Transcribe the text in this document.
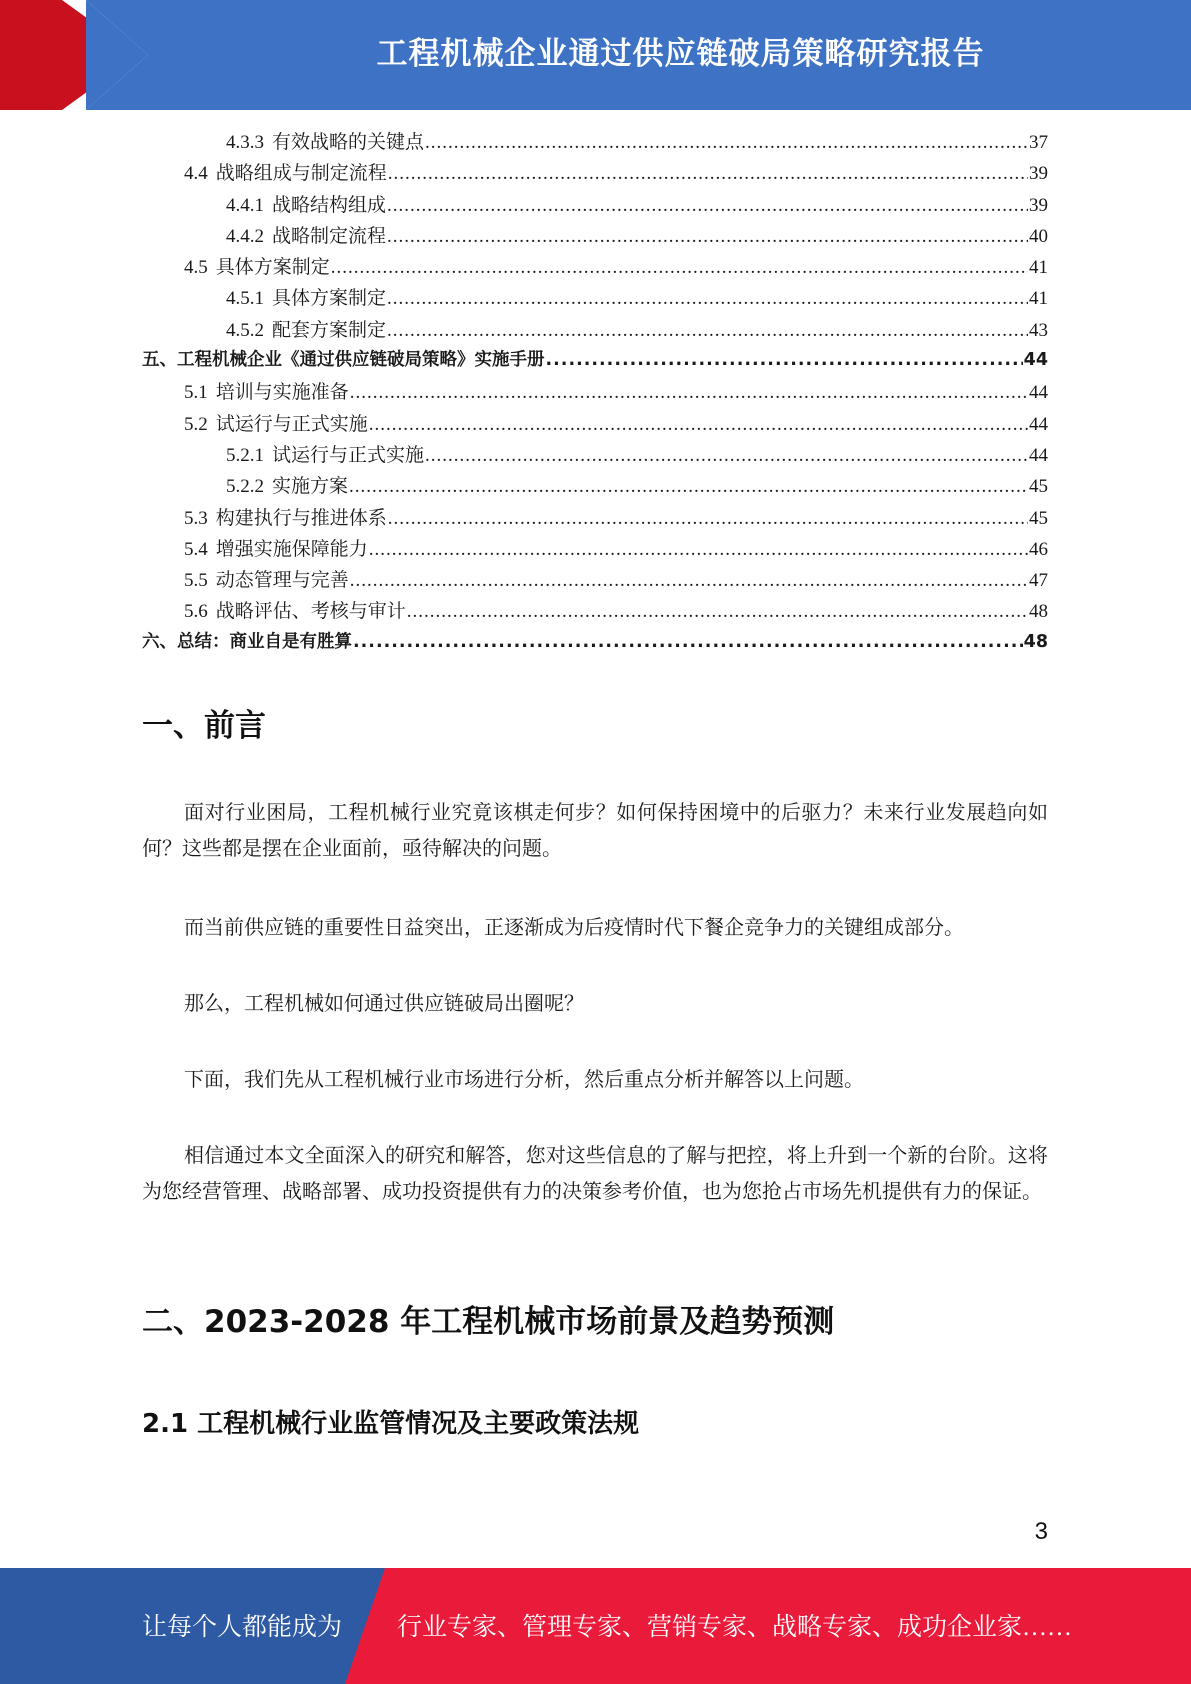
工程机械企业通过供应链破局策略研究报告
4.3.3 有效战略的关键点 .....	37
4.4 战略组成与制定流程 .....	39
4.4.1 战略结构组成 .....	39
4.4.2 战略制定流程 .....	40
4.5 具体方案制定 .....	41
4.5.1 具体方案制定 .....	41
4.5.2 配套方案制定 .....	43
五、工程机械企业《通过供应链破局策略》实施手册 .....	44
5.1 培训与实施准备 .....	44
5.2 试运行与正式实施 .....	44
5.2.1 试运行与正式实施 .....	44
5.2.2 实施方案 .....	45
5.3 构建执行与推进体系 .....	45
5.4 增强实施保障能力 .....	46
5.5 动态管理与完善 .....	47
5.6 战略评估、考核与审计 .....	48
六、总结：商业自是有胜算 .....	48
一、前言
面对行业困局，工程机械行业究竟该棋走何步？如何保持困境中的后驱力？未来行业发展趋向如何？这些都是摆在企业面前，亟待解决的问题。
而当前供应链的重要性日益突出，正逐渐成为后疫情时代下餐企竞争力的关键组成部分。
那么，工程机械如何通过供应链破局出圈呢？
下面，我们先从工程机械行业市场进行分析，然后重点分析并解答以上问题。
相信通过本文全面深入的研究和解答，您对这些信息的了解与把控，将上升到一个新的台阶。这将为您经营管理、战略部署、成功投资提供有力的决策参考价值，也为您抢占市场先机提供有力的保证。
二、2023-2028 年工程机械市场前景及趋势预测
2.1 工程机械行业监管情况及主要政策法规
3
让每个人都能成为 行业专家、管理专家、营销专家、战略专家、成功企业家……
